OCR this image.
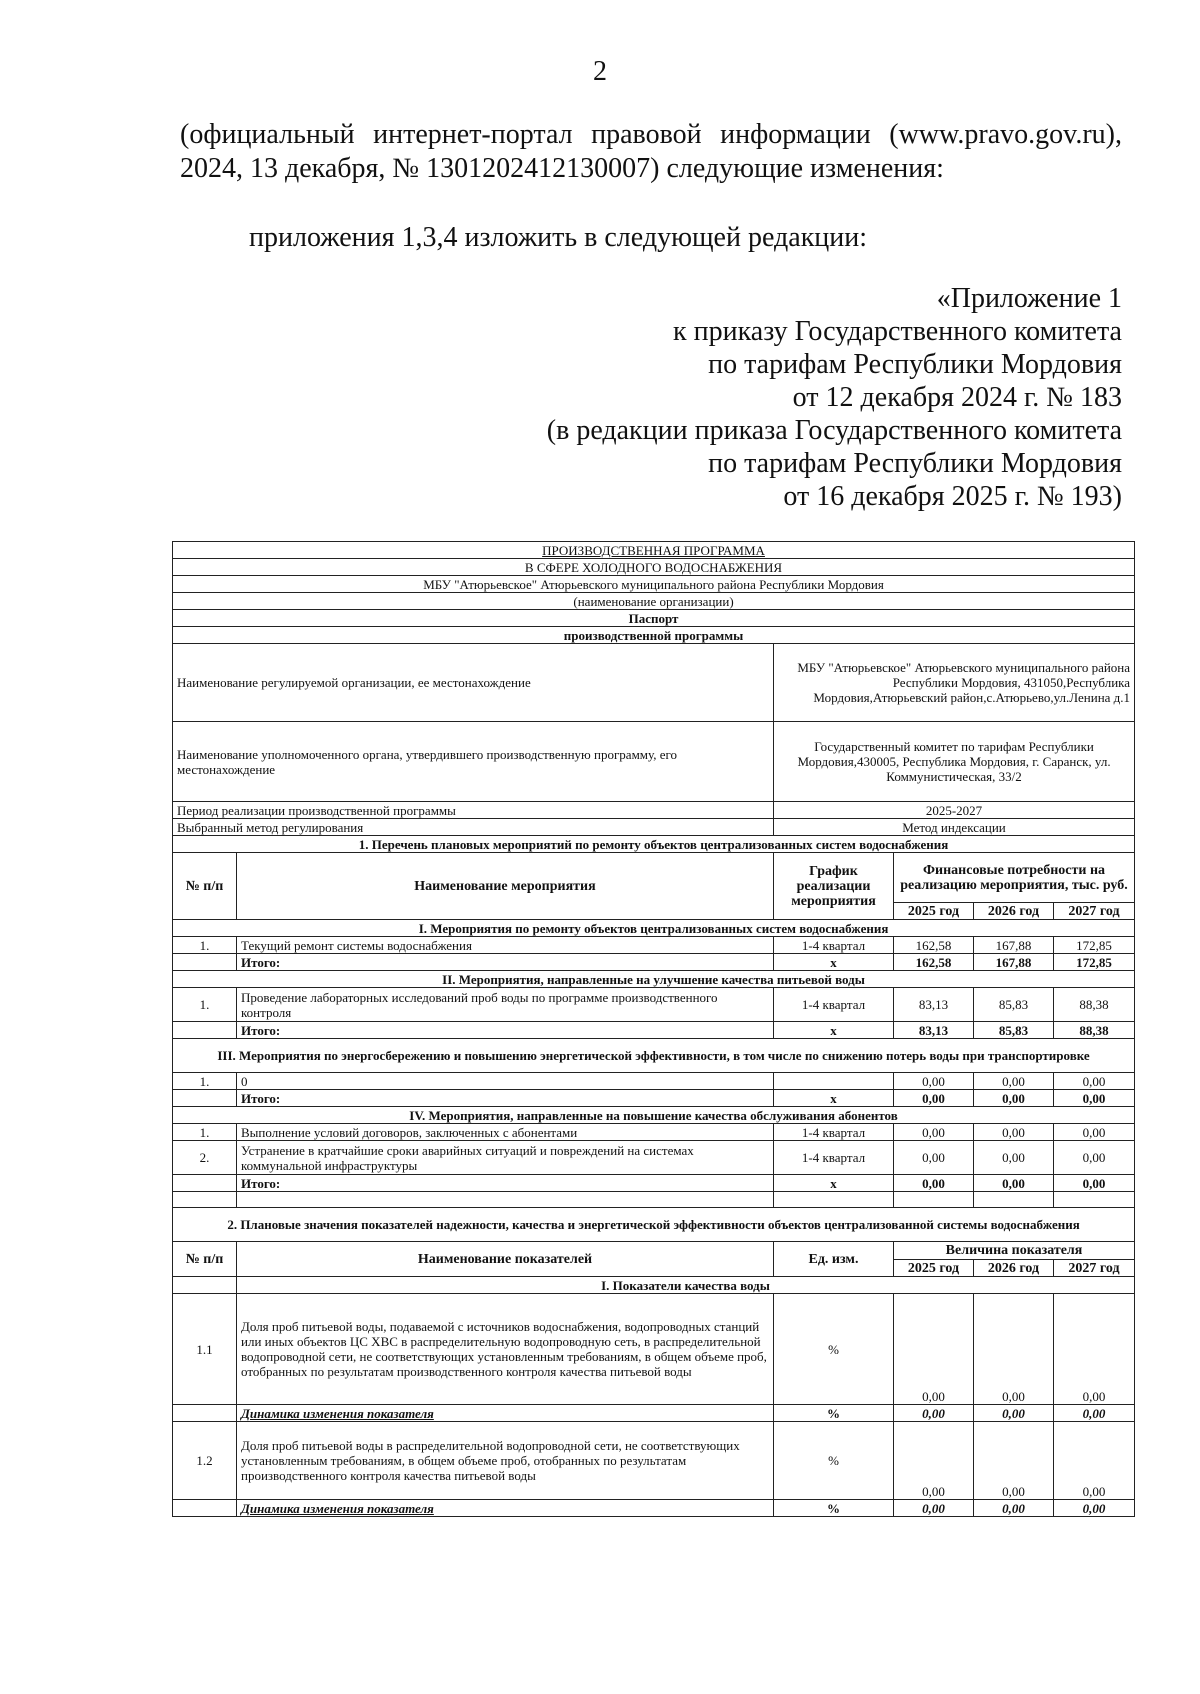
2
(официальный интернет-портал правовой информации (www.pravo.gov.ru),
2024, 13 декабря, № 1301202412130007) следующие изменения:
приложения 1,3,4 изложить в следующей редакции:
«Приложение 1
к приказу Государственного комитета
по тарифам Республики Мордовия
от 12 декабря 2024 г. № 183
(в редакции приказа Государственного комитета
по тарифам Республики Мордовия
от 16 декабря 2025 г. № 193)
ПРОИЗВОДСТВЕННАЯ ПРОГРАММА					
В СФЕРЕ ХОЛОДНОГО ВОДОСНАБЖЕНИЯ					
МБУ "Атюрьевское" Атюрьевского муниципального района Республики Мордовия					
(наименование организации)					
Паспорт					
производственной программы					
Наименование регулируемой организации, ее местонахождение		МБУ "Атюрьевское" Атюрьевского муниципального района Республики Мордовия, 431050,Республика Мордовия,Атюрьевский район,с.Атюрьево,ул.Ленина д.1			
Наименование уполномоченного органа, утвердившего производственную программу, его местонахождение		Государственный комитет по тарифам Республики Мордовия,430005, Республика Мордовия, г. Саранск, ул. Коммунистическая, 33/2			
Период реализации производственной программы		2025-2027			
Выбранный метод регулирования		Метод индексации			
1. Перечень плановых мероприятий по ремонту объектов централизованных систем водоснабжения					
№ п/п	Наименование мероприятия	График реализации мероприятия	Финансовые потребности на реализацию мероприятия, тыс. руб.		
			2025 год	2026 год	2027 год
I. Мероприятия по ремонту объектов централизованных систем водоснабжения					
1.	Текущий ремонт системы водоснабжения	1-4 квартал	162,58	167,88	172,85
	Итого:	х	162,58	167,88	172,85
II. Мероприятия, направленные на улучшение качества питьевой воды					
1.	Проведение лабораторных исследований проб воды по программе производственного контроля	1-4 квартал	83,13	85,83	88,38
	Итого:	х	83,13	85,83	88,38
III. Мероприятия по энергосбережению и повышению энергетической эффективности, в том числе по снижению потерь воды при транспортировке					
1.	0		0,00	0,00	0,00
	Итого:	х	0,00	0,00	0,00
IV. Мероприятия, направленные на повышение качества обслуживания абонентов					
1.	Выполнение условий договоров, заключенных с абонентами	1-4 квартал	0,00	0,00	0,00
2.	Устранение в кратчайшие сроки аварийных ситуаций и повреждений на системах коммунальной инфраструктуры	1-4 квартал	0,00	0,00	0,00
	Итого:	х	0,00	0,00	0,00

2. Плановые значения показателей надежности, качества и энергетической эффективности объектов централизованной системы водоснабжения					
№ п/п	Наименование показателей	Ед. изм.	Величина показателя		
			2025 год	2026 год	2027 год
	I. Показатели качества воды				
1.1	Доля проб питьевой воды, подаваемой с источников водоснабжения, водопроводных станций или иных объектов ЦС ХВС в распределительную водопроводную сеть, в распределительной водопроводной сети, не соответствующих установленным требованиям, в общем объеме проб, отобранных по результатам производственного контроля качества питьевой воды	%	0,00	0,00	0,00
	Динамика изменения показателя	%	0,00	0,00	0,00
1.2	Доля проб питьевой воды в распределительной водопроводной сети, не соответствующих установленным требованиям, в общем объеме проб, отобранных по результатам производственного контроля качества питьевой воды	%	0,00	0,00	0,00
	Динамика изменения показателя	%	0,00	0,00	0,00
